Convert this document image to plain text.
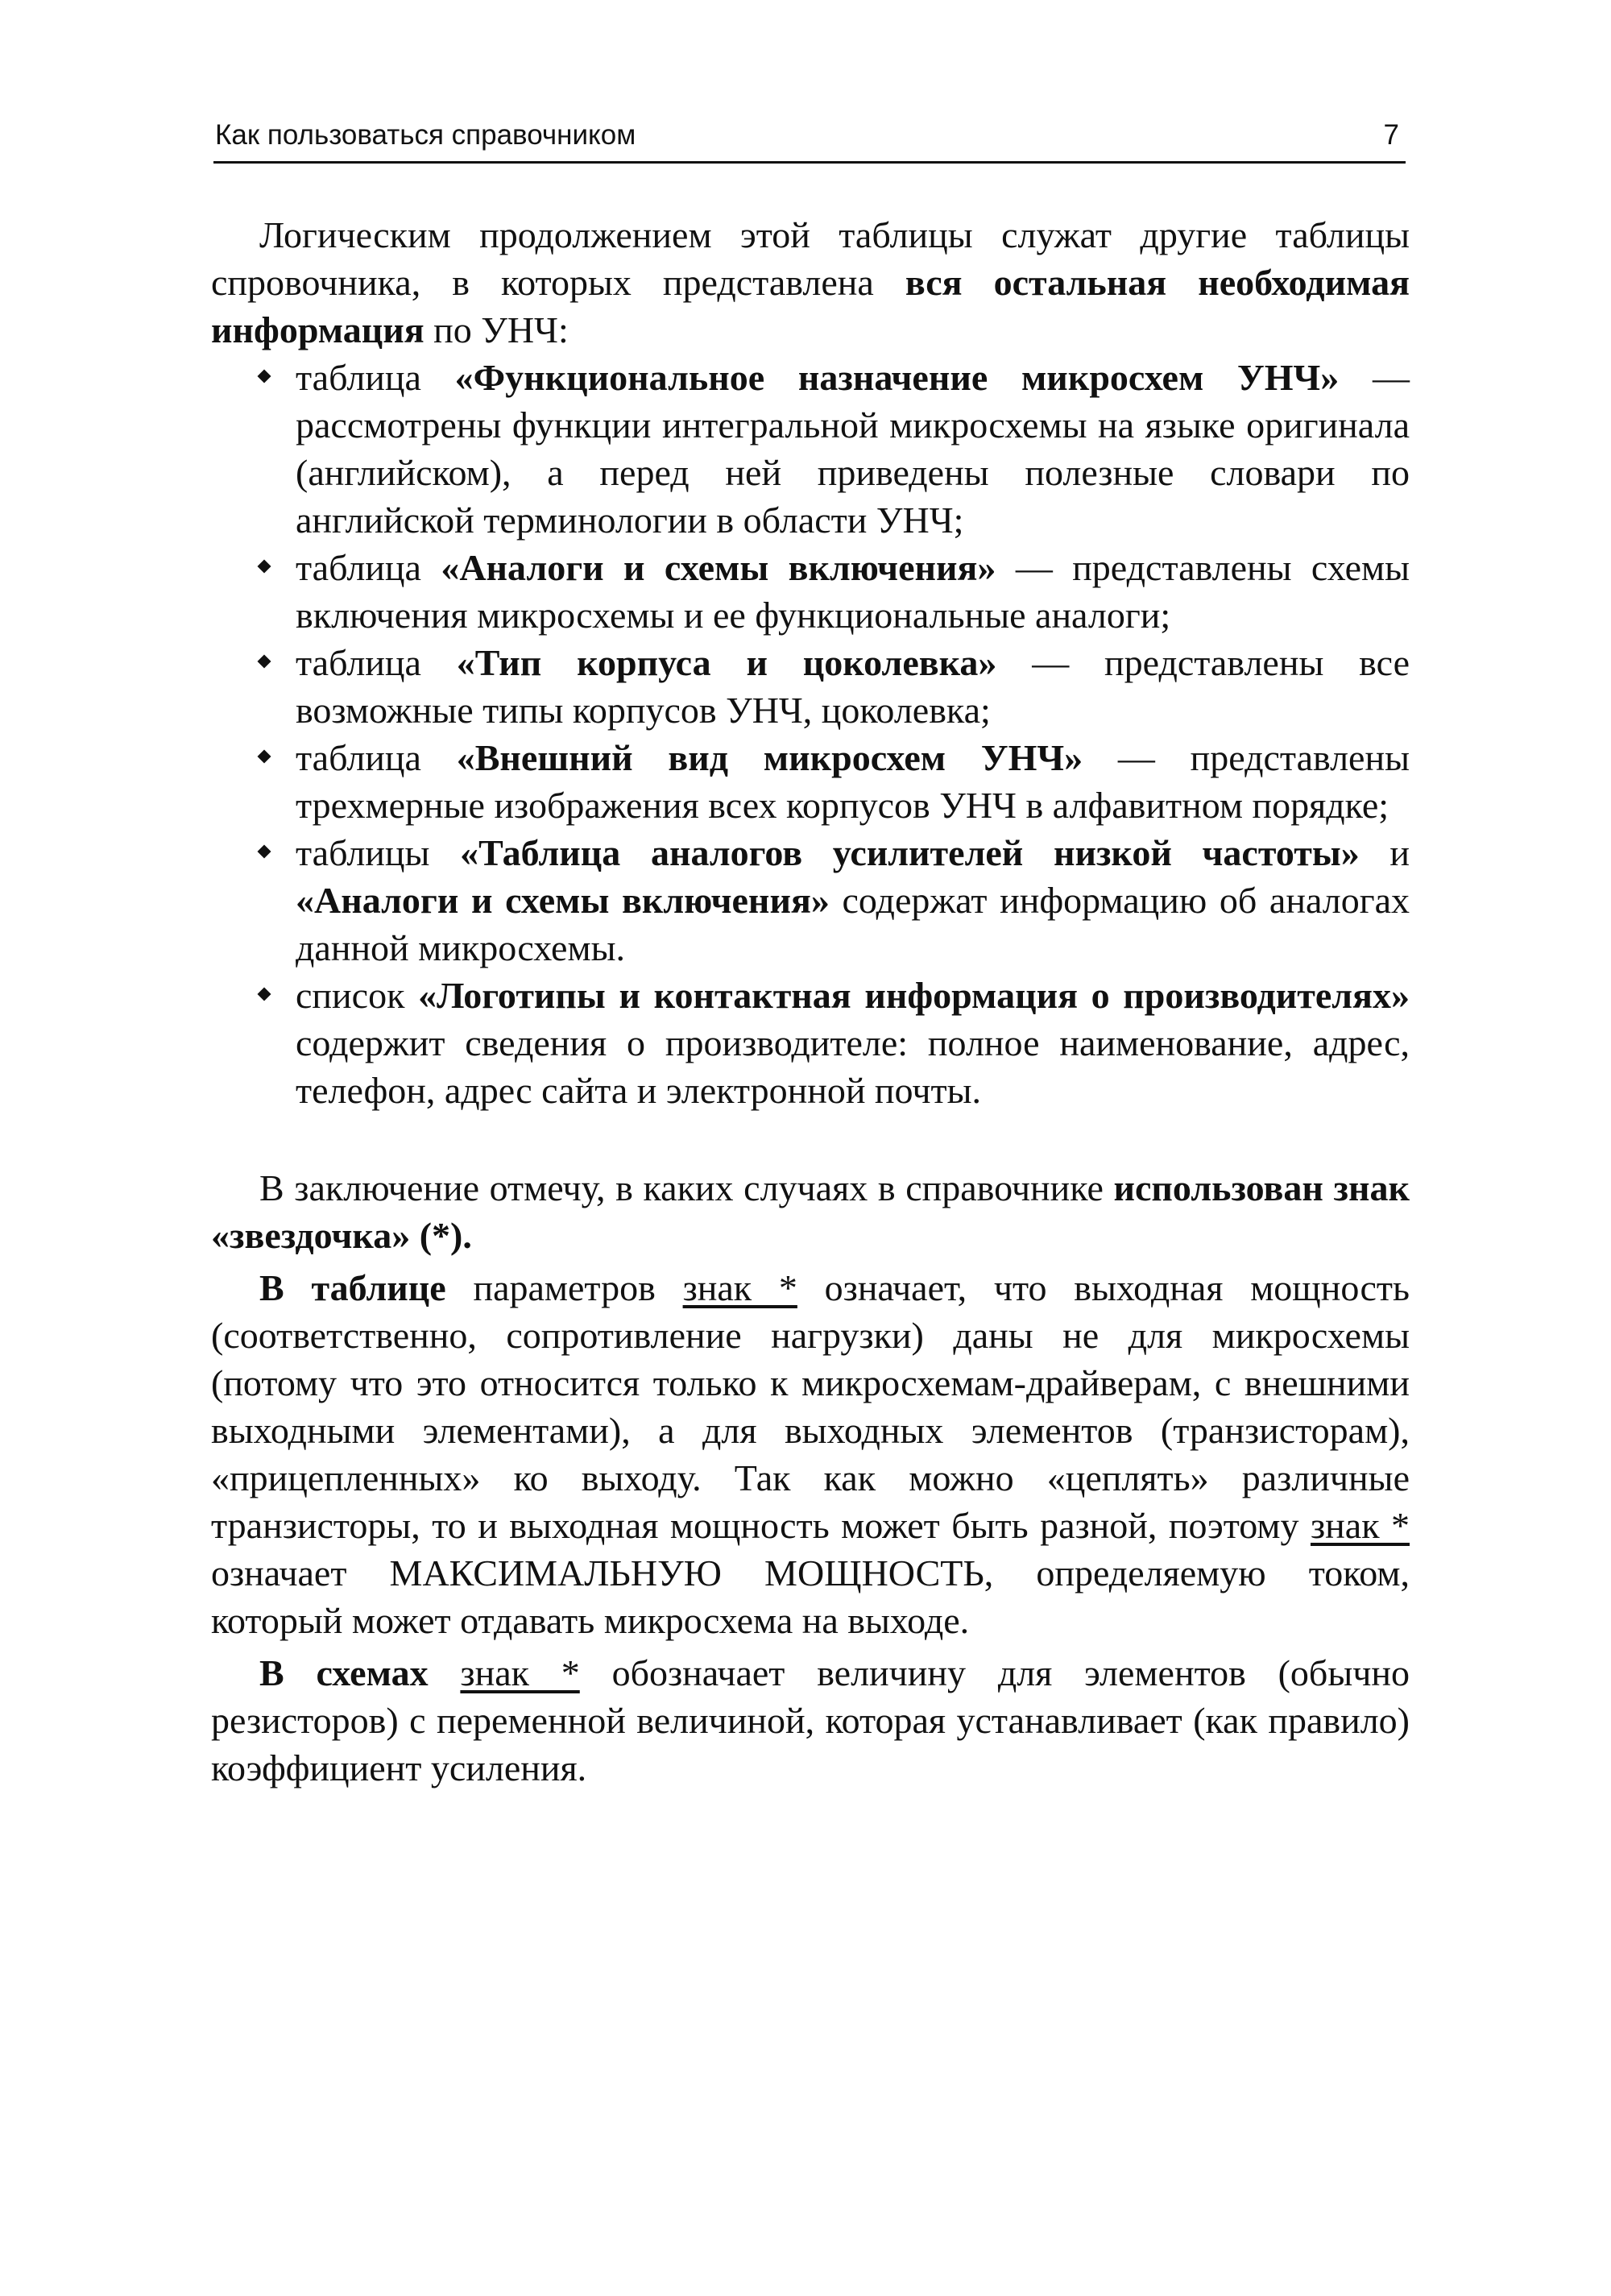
Как пользоваться справочником	7

Логическим продолжением этой таблицы служат другие таблицы спровочника, в которых представлена вся остальная необходимая информация по УНЧ:

таблица «Функциональное назначение микросхем УНЧ» — рассмотрены функции интегральной микросхемы на языке оригинала (английском), а перед ней приведены полезные словари по английской терминологии в области УНЧ;
таблица «Аналоги и схемы включения» — представлены схемы включения микросхемы и ее функциональные аналоги;
таблица «Тип корпуса и цоколевка» — представлены все возможные типы корпусов УНЧ, цоколевка;
таблица «Внешний вид микросхем УНЧ» — представлены трехмерные изображения всех корпусов УНЧ в алфавитном порядке;
таблицы «Таблица аналогов усилителей низкой частоты» и «Аналоги и схемы включения» содержат информацию об аналогах данной микросхемы.
список «Логотипы и контактная информация о производителях» содержит сведения о производителе: полное наименование, адрес, телефон, адрес сайта и электронной почты.

В заключение отмечу, в каких случаях в справочнике использован знак «звездочка» (*).

В таблице параметров знак * означает, что выходная мощность (соответственно, сопротивление нагрузки) даны не для микросхемы (потому что это относится только к микросхемам-драйверам, с внешними выходными элементами), а для выходных элементов (транзисторам), «прицепленных» ко выходу. Так как можно «цеплять» различные транзисторы, то и выходная мощность может быть разной, поэтому знак * означает МАКСИМАЛЬНУЮ МОЩНОСТЬ, определяемую током, который может отдавать микросхема на выходе.

В схемах знак * обозначает величину для элементов (обычно резисторов) с переменной величиной, которая устанавливает (как правило) коэффициент усиления.
